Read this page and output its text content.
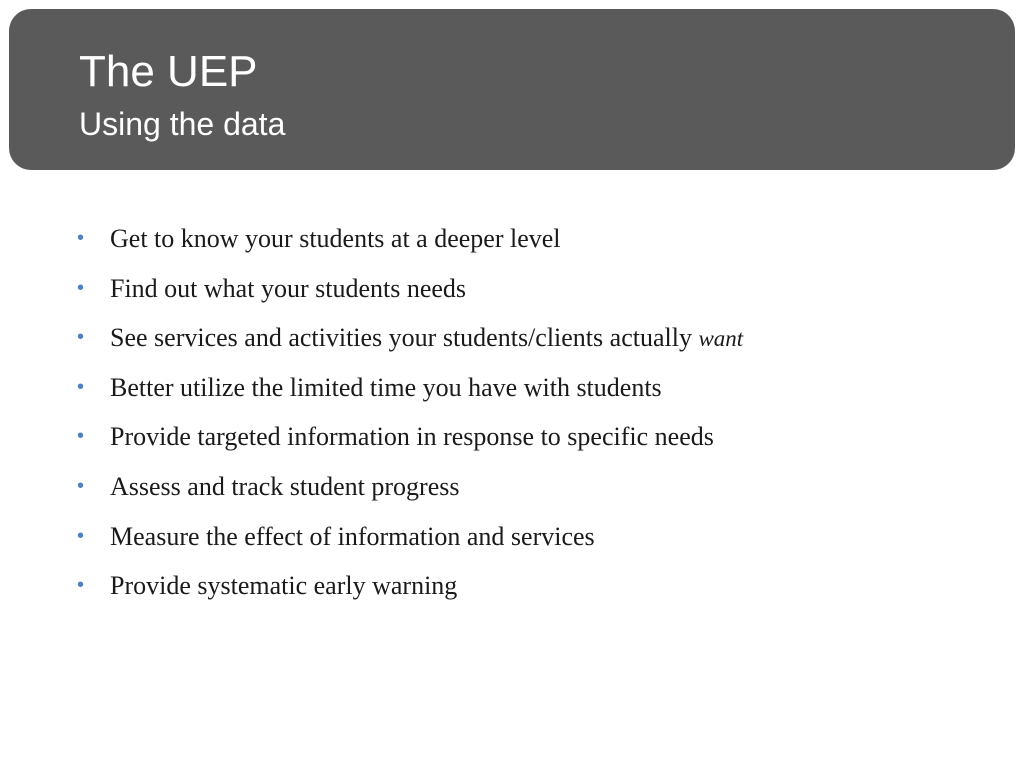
The UEP
Using the data
• Get to know your students at a deeper level
• Find out what your students needs
• See services and activities your students/clients actually want
• Better utilize the limited time you have with students
• Provide targeted information in response to specific needs
• Assess and track student progress
• Measure the effect of information and services
• Provide systematic early warning
